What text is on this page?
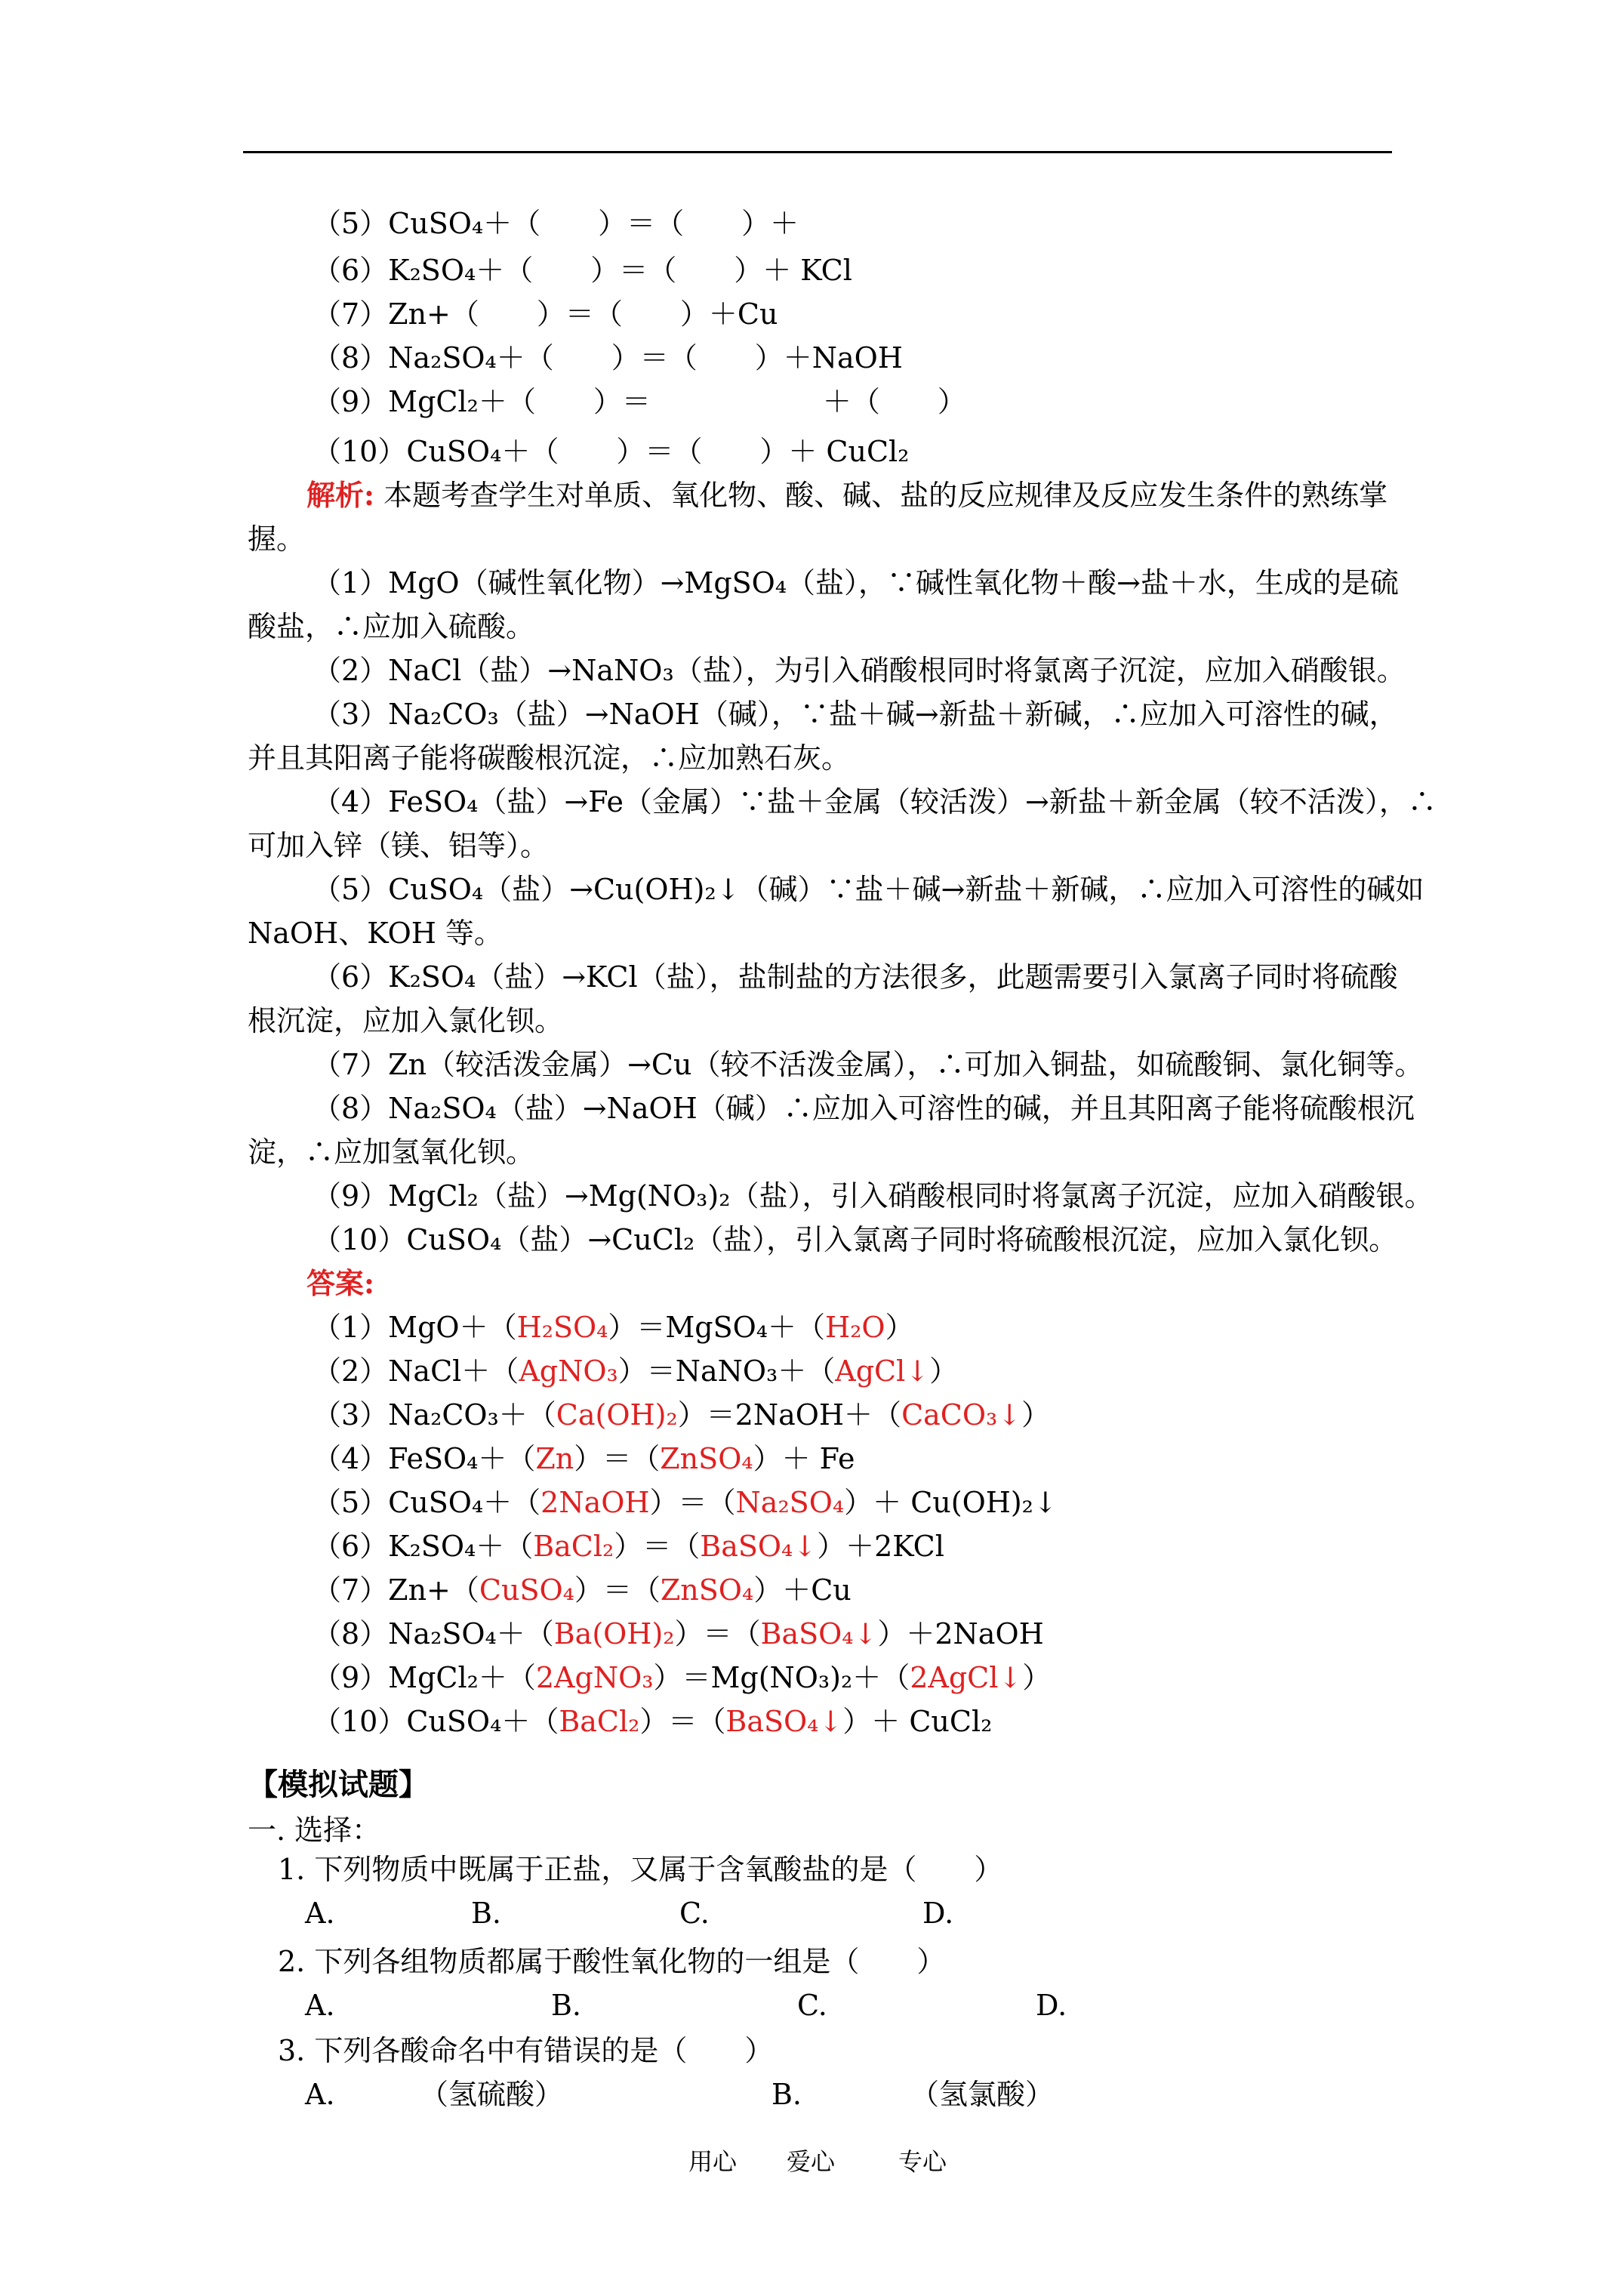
（5）CuSO₄＋（　　）＝（　　）＋
（6）K₂SO₄＋（　　）＝（　　）＋ KCl
（7）Zn+（　　）＝（　　）＋Cu
（8）Na₂SO₄＋（　　）＝（　　）＋NaOH
（9）MgCl₂＋（　　）＝　　　　　　＋（　　）
（10）CuSO₄＋（　　）＝（　　）＋ CuCl₂
解析: 本题考查学生对单质、氧化物、酸、碱、盐的反应规律及反应发生条件的熟练掌
握。
（1）MgO（碱性氧化物）→MgSO₄（盐），∵碱性氧化物＋酸→盐＋水，生成的是硫
酸盐，∴应加入硫酸。
（2）NaCl（盐）→NaNO₃（盐），为引入硝酸根同时将氯离子沉淀，应加入硝酸银。
（3）Na₂CO₃（盐）→NaOH（碱），∵盐＋碱→新盐＋新碱，∴应加入可溶性的碱，
并且其阳离子能将碳酸根沉淀，∴应加熟石灰。
（4）FeSO₄（盐）→Fe（金属）∵盐＋金属（较活泼）→新盐＋新金属（较不活泼），∴
可加入锌（镁、铝等）。
（5）CuSO₄（盐）→Cu(OH)₂↓（碱）∵盐＋碱→新盐＋新碱，∴应加入可溶性的碱如
NaOH、KOH 等。
（6）K₂SO₄（盐）→KCl（盐），盐制盐的方法很多，此题需要引入氯离子同时将硫酸
根沉淀，应加入氯化钡。
（7）Zn（较活泼金属）→Cu（较不活泼金属），∴可加入铜盐，如硫酸铜、氯化铜等。
（8）Na₂SO₄（盐）→NaOH（碱）∴应加入可溶性的碱，并且其阳离子能将硫酸根沉
淀，∴应加氢氧化钡。
（9）MgCl₂（盐）→Mg(NO₃)₂（盐），引入硝酸根同时将氯离子沉淀，应加入硝酸银。
（10）CuSO₄（盐）→CuCl₂（盐），引入氯离子同时将硫酸根沉淀，应加入氯化钡。
答案:
（1）MgO＋（H₂SO₄）＝MgSO₄＋（H₂O）
（2）NaCl＋（AgNO₃）＝NaNO₃＋（AgCl↓）
（3）Na₂CO₃＋（Ca(OH)₂）＝2NaOH＋（CaCO₃↓）
（4）FeSO₄＋（Zn）＝（ZnSO₄）＋ Fe
（5）CuSO₄＋（2NaOH）＝（Na₂SO₄）＋ Cu(OH)₂↓
（6）K₂SO₄＋（BaCl₂）＝（BaSO₄↓）＋2KCl
（7）Zn+（CuSO₄）＝（ZnSO₄）＋Cu
（8）Na₂SO₄＋（Ba(OH)₂）＝（BaSO₄↓）＋2NaOH
（9）MgCl₂＋（2AgNO₃）＝Mg(NO₃)₂＋（2AgCl↓）
（10）CuSO₄＋（BaCl₂）＝（BaSO₄↓）＋ CuCl₂
【模拟试题】
一. 选择：
1. 下列物质中既属于正盐，又属于含氧酸盐的是（　　）
A.	B.	C.	D.
2. 下列各组物质都属于酸性氧化物的一组是（　　）
A.	B.	C.	D.
3. 下列各酸命名中有错误的是（　　）
A.	（氢硫酸）	B.	（氢氯酸）
用心 爱心	专心
